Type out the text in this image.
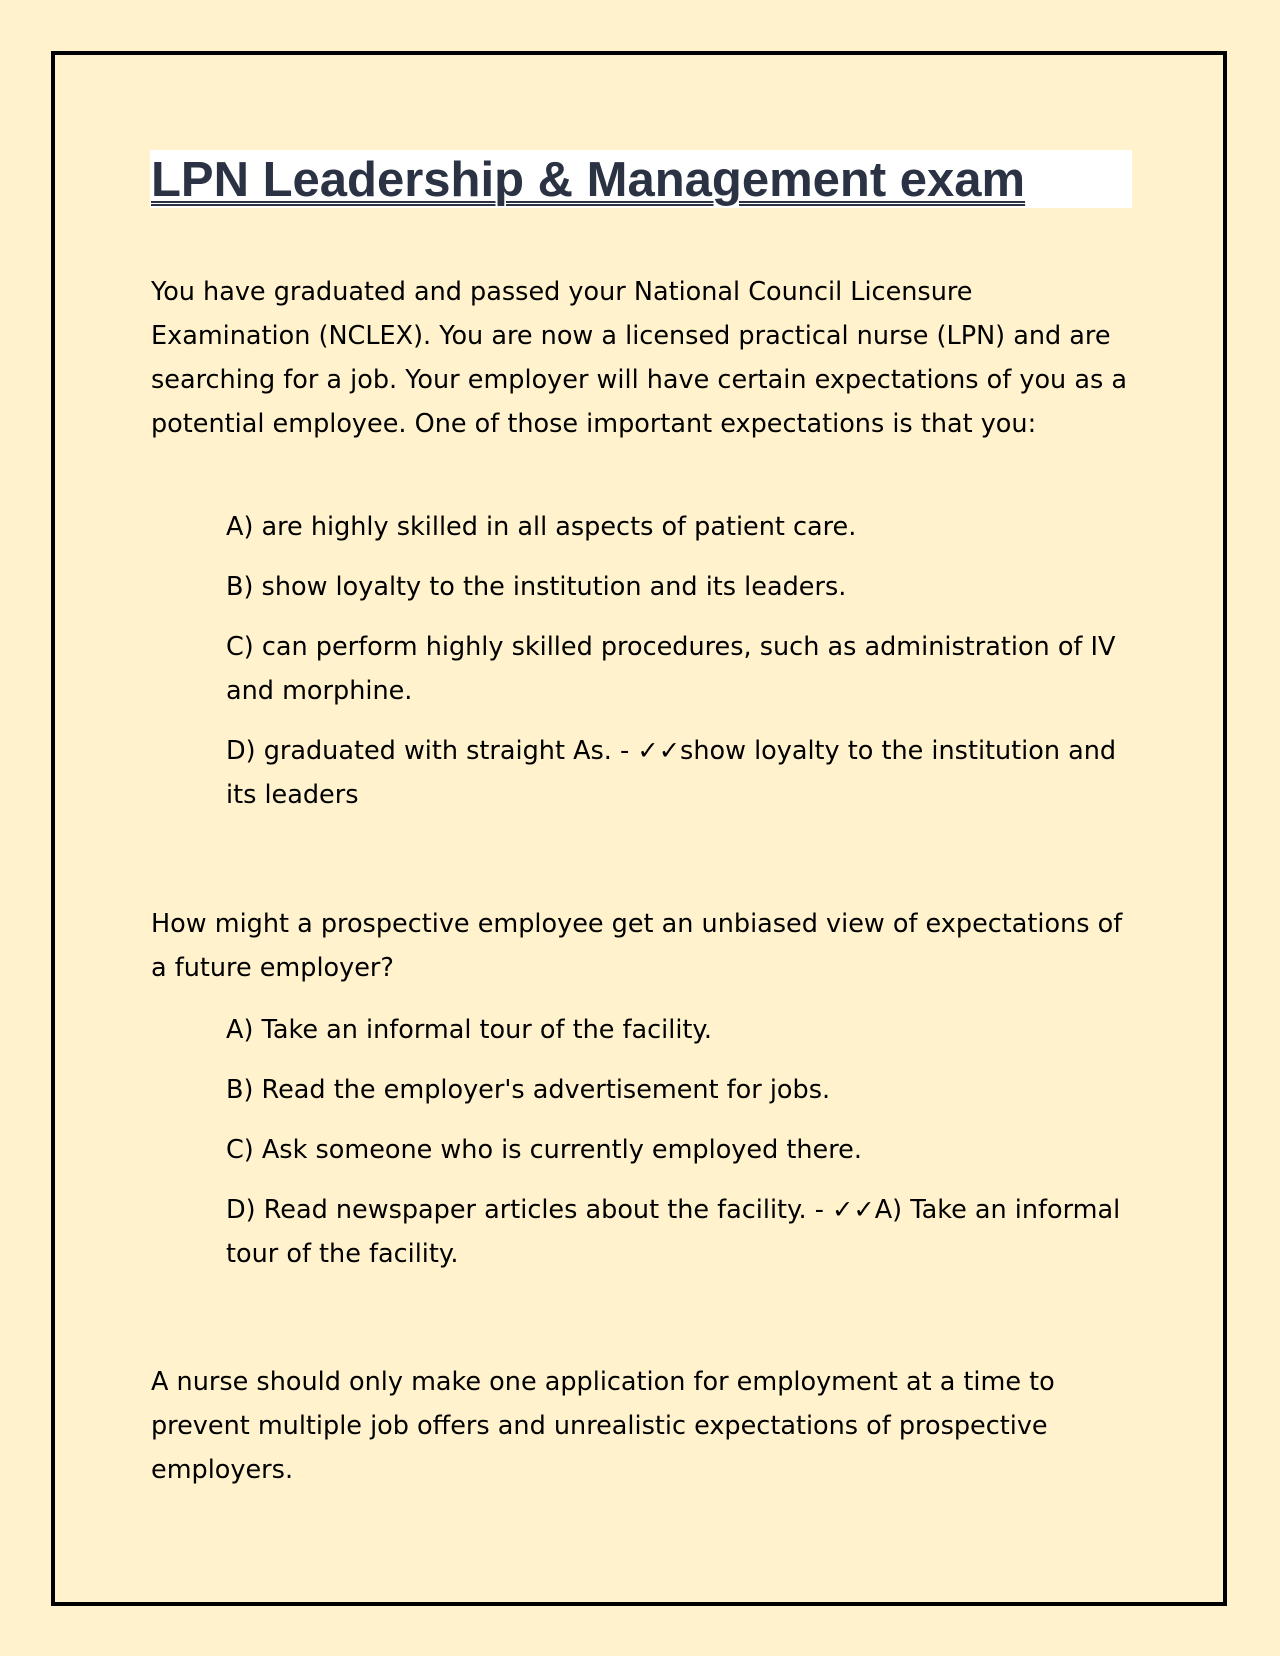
LPN Leadership & Management exam

You have graduated and passed your National Council Licensure Examination (NCLEX). You are now a licensed practical nurse (LPN) and are searching for a job. Your employer will have certain expectations of you as a potential employee. One of those important expectations is that you:

A) are highly skilled in all aspects of patient care.
B) show loyalty to the institution and its leaders.
C) can perform highly skilled procedures, such as administration of IV and morphine.
D) graduated with straight As. - ✓✓show loyalty to the institution and its leaders

How might a prospective employee get an unbiased view of expectations of a future employer?

A) Take an informal tour of the facility.
B) Read the employer's advertisement for jobs.
C) Ask someone who is currently employed there.
D) Read newspaper articles about the facility. - ✓✓A) Take an informal tour of the facility.

A nurse should only make one application for employment at a time to prevent multiple job offers and unrealistic expectations of prospective employers.
